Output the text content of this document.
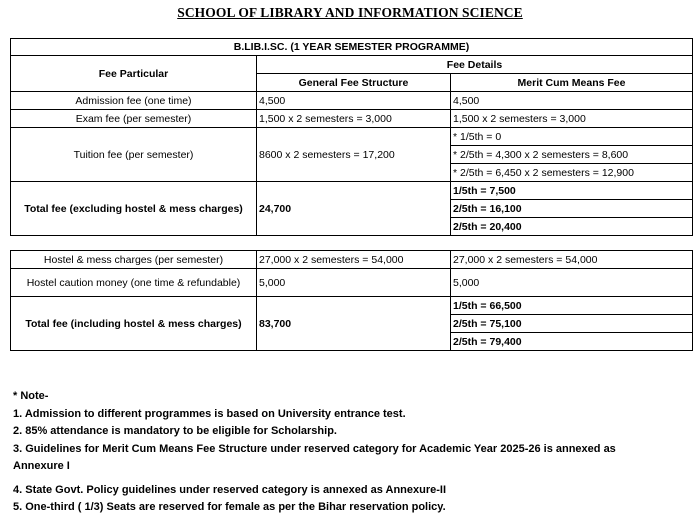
SCHOOL OF LIBRARY AND INFORMATION SCIENCE
B.LIB.I.SC. (1 YEAR SEMESTER PROGRAMME)		
Fee Particular	Fee Details	
	General Fee Structure	Merit Cum Means Fee
Admission fee (one time)	4,500	4,500
Exam fee (per semester)	1,500 x 2 semesters = 3,000	1,500 x 2 semesters = 3,000
Tuition fee (per semester)	8600 x 2 semesters = 17,200	* 1/5th = 0
		* 2/5th = 4,300 x 2 semesters = 8,600
		* 2/5th = 6,450 x 2 semesters = 12,900
Total fee (excluding hostel & mess charges)	24,700	1/5th = 7,500
		2/5th = 16,100
		2/5th = 20,400
Hostel & mess charges (per semester)	27,000 x 2 semesters = 54,000	27,000 x 2 semesters = 54,000
Hostel caution money (one time & refundable)	5,000	5,000
Total fee (including hostel & mess charges)	83,700	1/5th = 66,500
		2/5th = 75,100
		2/5th = 79,400
* Note-
1. Admission to different programmes is based on University entrance test.
2. 85% attendance is mandatory to be eligible for Scholarship.
3. Guidelines for Merit Cum Means Fee Structure under reserved category for Academic Year 2025-26 is annexed as
Annexure I
4. State Govt. Policy guidelines under reserved category is annexed as Annexure-II
5. One-third ( 1/3) Seats are reserved for female as per the Bihar reservation policy.
